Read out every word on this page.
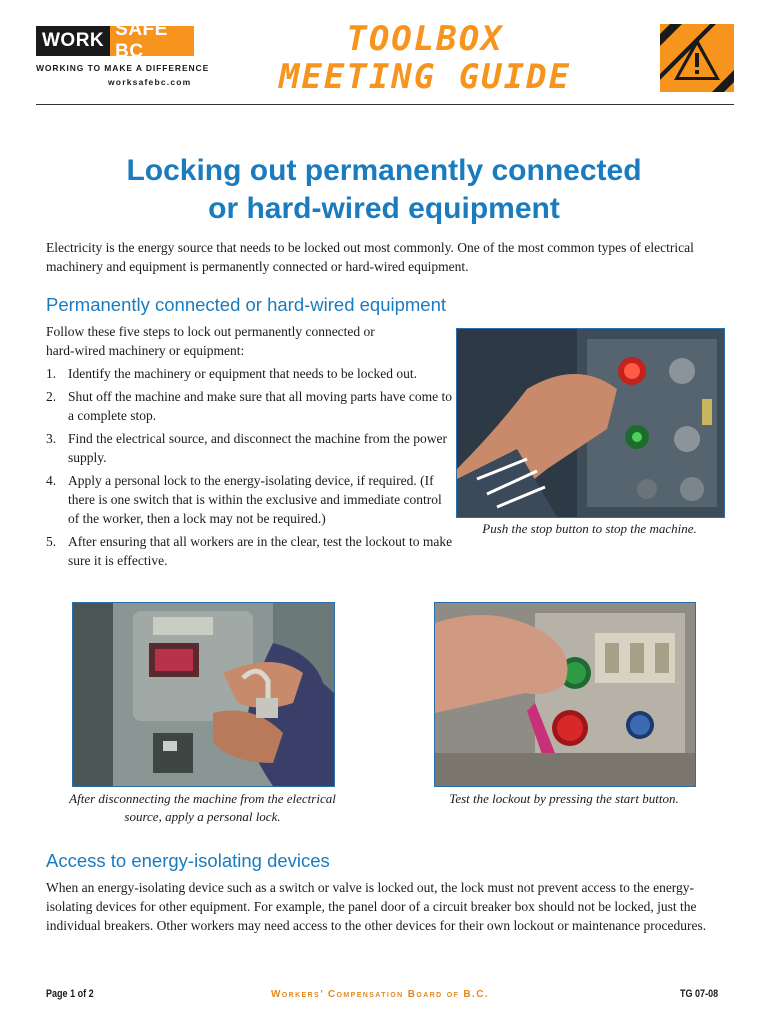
WORK
SAFE BC
WORKING TO MAKE A DIFFERENCE
worksafebc.com
TOOLBOX
MEETING GUIDE
Locking out permanently connected
or hard-wired equipment
Electricity is the energy source that needs to be locked out most commonly. One of the most common types of electrical machinery and equipment is permanently connected or hard-wired equipment.
Permanently connected or hard-wired equipment
Follow these five steps to lock out permanently connected or hard-wired machinery or equipment:
1. Identify the machinery or equipment that needs to be locked out.
2. Shut off the machine and make sure that all moving parts have come to a complete stop.
3. Find the electrical source, and disconnect the machine from the power supply.
4. Apply a personal lock to the energy-isolating device, if required. (If there is one switch that is within the exclusive and immediate control of the worker, then a lock may not be required.)
5. After ensuring that all workers are in the clear, test the lockout to make sure it is effective.
Push the stop button to stop the machine.
After disconnecting the machine from the electrical source, apply a personal lock.
Test the lockout by pressing the start button.
Access to energy-isolating devices
When an energy-isolating device such as a switch or valve is locked out, the lock must not prevent access to the energy-isolating devices for other equipment. For example, the panel door of a circuit breaker box should not be locked, just the individual breakers. Other workers may need access to the other devices for their own lockout or maintenance procedures.
Page 1 of 2	Workers’ Compensation Board of B.C.	TG 07-08
